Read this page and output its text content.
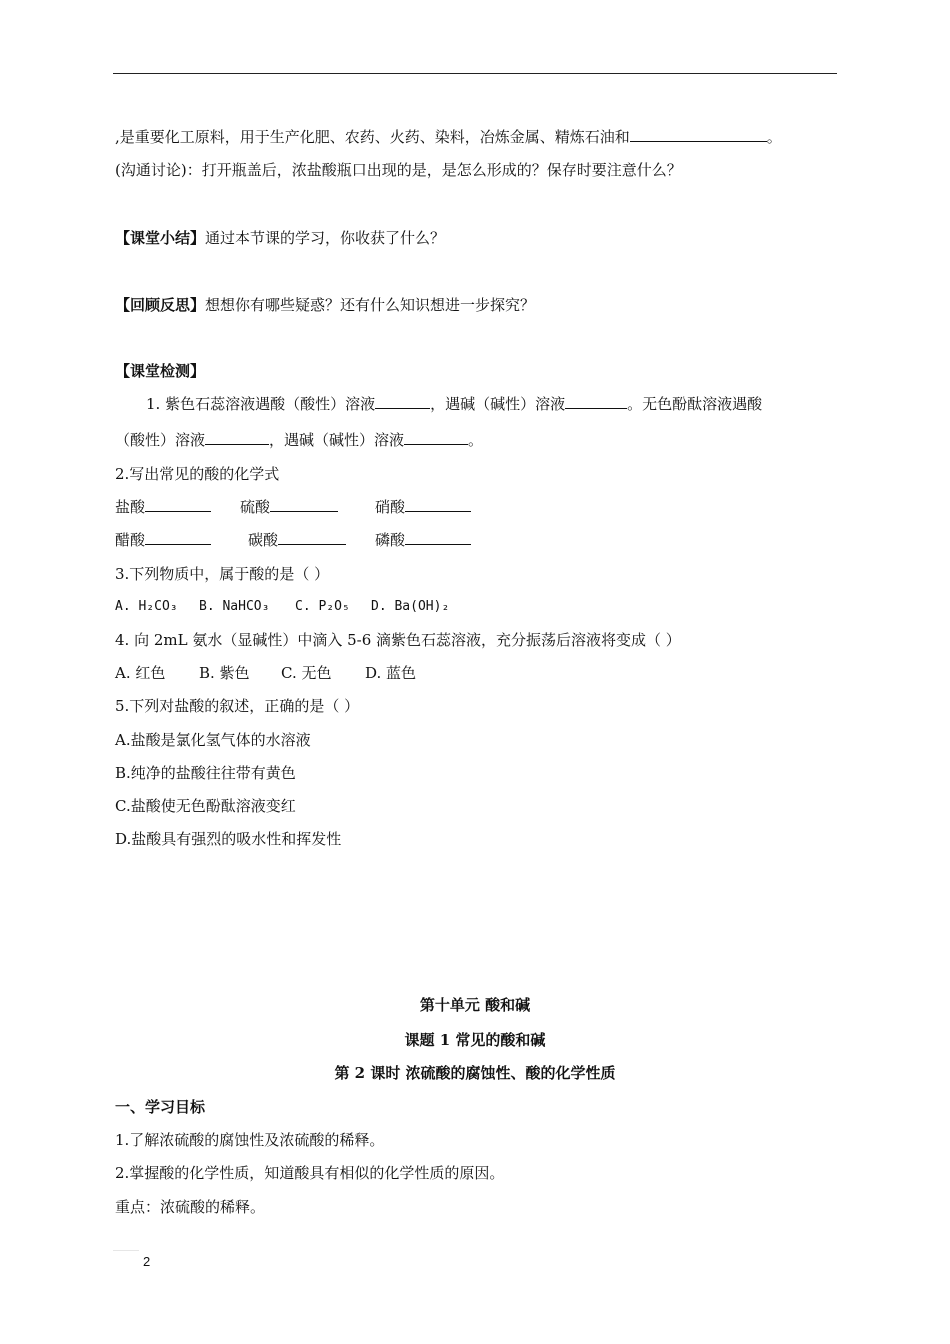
,是重要化工原料，用于生产化肥、农药、火药、染料，冶炼金属、精炼石油和	。
(沟通讨论)：打开瓶盖后，浓盐酸瓶口出现的是，是怎么形成的？保存时要注意什么？
【课堂小结】通过本节课的学习，你收获了什么？
【回顾反思】想想你有哪些疑惑？还有什么知识想进一步探究？
【课堂检测】
1. 紫色石蕊溶液遇酸（酸性）溶液	，遇碱（碱性）溶液	。无色酚酞溶液遇酸
（酸性）溶液	，遇碱（碱性）溶液	。
2.写出常见的酸的化学式
盐酸	硫酸	硝酸
醋酸	碳酸	磷酸
3.下列物质中，属于酸的是（ ）
A. H₂CO₃ B. NaHCO₃ C. P₂O₅ D. Ba(OH)₂
4. 向 2mL 氨水（显碱性）中滴入 5-6 滴紫色石蕊溶液，充分振荡后溶液将变成（ ）
A. 红色 B. 紫色 C. 无色 D. 蓝色
5.下列对盐酸的叙述，正确的是（ ）
A.盐酸是氯化氢气体的水溶液
B.纯净的盐酸往往带有黄色
C.盐酸使无色酚酞溶液变红
D.盐酸具有强烈的吸水性和挥发性
第十单元 酸和碱
课题 1 常见的酸和碱
第 2 课时 浓硫酸的腐蚀性、酸的化学性质
一、学习目标
1.了解浓硫酸的腐蚀性及浓硫酸的稀释。
2.掌握酸的化学性质，知道酸具有相似的化学性质的原因。
重点：浓硫酸的稀释。
2
